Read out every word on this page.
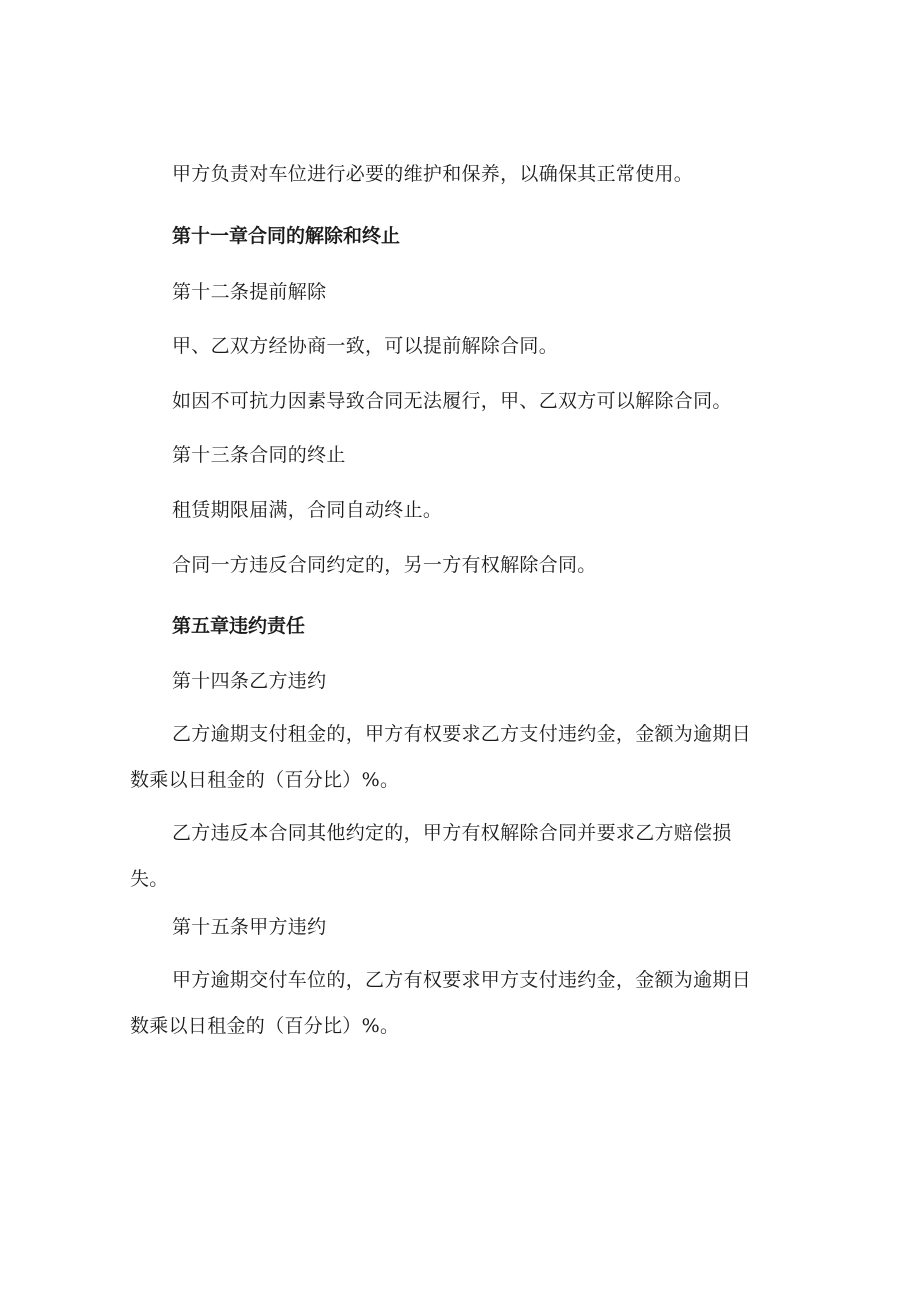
甲方负责对车位进行必要的维护和保养，以确保其正常使用。
第十一章合同的解除和终止
第十二条提前解除
甲、乙双方经协商一致，可以提前解除合同。
如因不可抗力因素导致合同无法履行，甲、乙双方可以解除合同。
第十三条合同的终止
租赁期限届满，合同自动终止。
合同一方违反合同约定的，另一方有权解除合同。
第五章违约责任
第十四条乙方违约
乙方逾期支付租金的，甲方有权要求乙方支付违约金，金额为逾期日数乘以日租金的（百分比）%。
乙方违反本合同其他约定的，甲方有权解除合同并要求乙方赔偿损失。
第十五条甲方违约
甲方逾期交付车位的，乙方有权要求甲方支付违约金，金额为逾期日数乘以日租金的（百分比）%。
